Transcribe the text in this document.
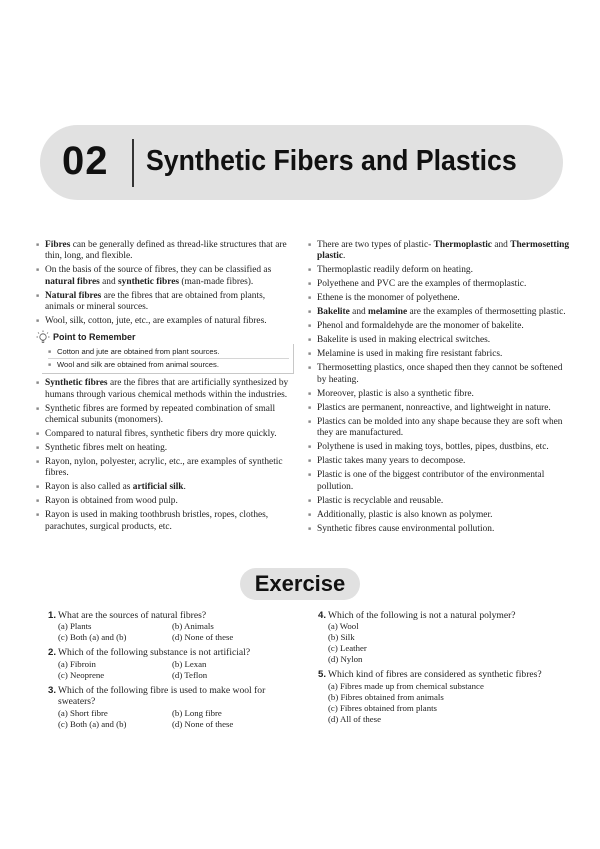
02 Synthetic Fibers and Plastics
■ Fibres can be generally defined as thread-like structures that are thin, long, and flexible.
■ On the basis of the source of fibres, they can be classified as natural fibres and synthetic fibres (man-made fibres).
■ Natural fibres are the fibres that are obtained from plants, animals or mineral sources.
■ Wool, silk, cotton, jute, etc., are examples of natural fibres.
Point to Remember
■ Cotton and jute are obtained from plant sources.
■ Wool and silk are obtained from animal sources.
■ Synthetic fibres are the fibres that are artificially synthesized by humans through various chemical methods within the industries.
■ Synthetic fibres are formed by repeated combination of small chemical subunits (monomers).
■ Compared to natural fibres, synthetic fibers dry more quickly.
■ Synthetic fibres melt on heating.
■ Rayon, nylon, polyester, acrylic, etc., are examples of synthetic fibres.
■ Rayon is also called as artificial silk.
■ Rayon is obtained from wood pulp.
■ Rayon is used in making toothbrush bristles, ropes, clothes, parachutes, surgical products, etc.
■ There are two types of plastic- Thermoplastic and Thermosetting plastic.
■ Thermoplastic readily deform on heating.
■ Polyethene and PVC are the examples of thermoplastic.
■ Ethene is the monomer of polyethene.
■ Bakelite and melamine are the examples of thermosetting plastic.
■ Phenol and formaldehyde are the monomer of bakelite.
■ Bakelite is used in making electrical switches.
■ Melamine is used in making fire resistant fabrics.
■ Thermosetting plastics, once shaped then they cannot be softened by heating.
■ Moreover, plastic is also a synthetic fibre.
■ Plastics are permanent, nonreactive, and lightweight in nature.
■ Plastics can be molded into any shape because they are soft when they are manufactured.
■ Polythene is used in making toys, bottles, pipes, dustbins, etc.
■ Plastic takes many years to decompose.
■ Plastic is one of the biggest contributor of the environmental pollution.
■ Plastic is recyclable and reusable.
■ Additionally, plastic is also known as polymer.
■ Synthetic fibres cause environmental pollution.
Exercise
1. What are the sources of natural fibres?
(a) Plants	(b) Animals
(c) Both (a) and (b)	(d) None of these
2. Which of the following substance is not artificial?
(a) Fibroin	(b) Lexan
(c) Neoprene	(d) Teflon
3. Which of the following fibre is used to make wool for sweaters?
(a) Short fibre	(b) Long fibre
(c) Both (a) and (b)	(d) None of these
4. Which of the following is not a natural polymer?
(a) Wool
(b) Silk
(c) Leather
(d) Nylon
5. Which kind of fibres are considered as synthetic fibres?
(a) Fibres made up from chemical substance
(b) Fibres obtained from animals
(c) Fibres obtained from plants
(d) All of these
